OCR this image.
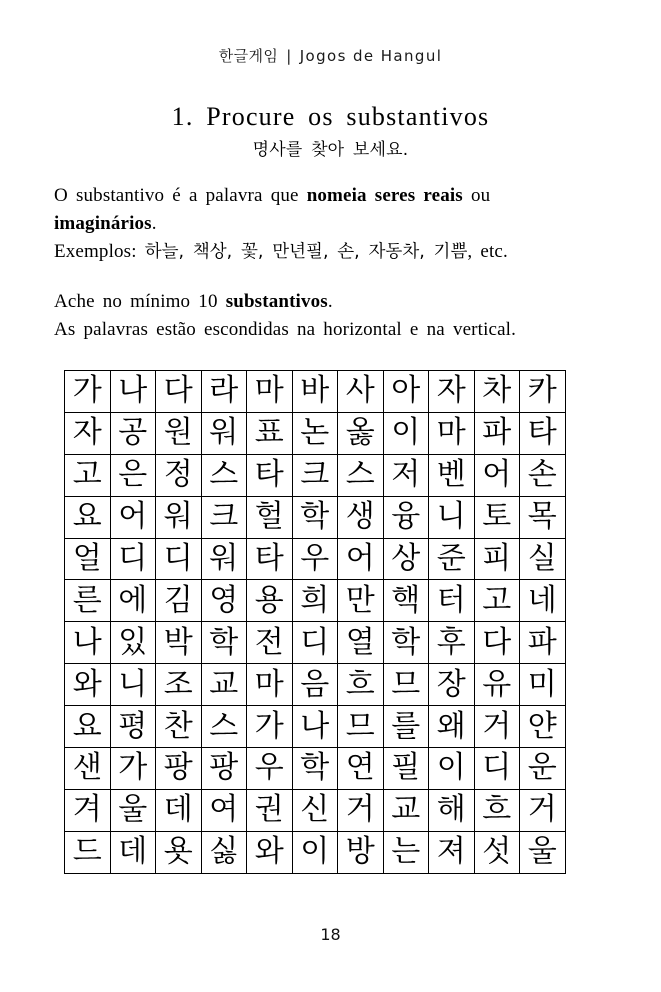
한글게임 | Jogos de Hangul
1. Procure os substantivos
명사를 찾아 보세요.

O substantivo é a palavra que nomeia seres reais ou
imaginários.
Exemplos: 하늘, 책상, 꽃, 만년필, 손, 자동차, 기쁨, etc.

Ache no mínimo 10 substantivos.
As palavras estão escondidas na horizontal e na vertical.

가	나	다	라	마	바	사	아	자	차	카
자	공	원	워	표	논	옳	이	마	파	타
고	은	정	스	타	크	스	저	벤	어	손
요	어	워	크	헐	학	생	융	니	토	목
얼	디	디	워	타	우	어	상	준	피	실
른	에	김	영	용	희	만	핵	터	고	네
나	있	박	학	전	디	열	학	후	다	파
와	니	조	교	마	음	흐	므	장	유	미
요	평	찬	스	가	나	므	를	왜	거	얀
샌	가	팡	팡	우	학	연	필	이	디	운
겨	울	데	여	권	신	거	교	해	흐	거
드	데	욧	싫	와	이	방	는	져	섯	울
18
